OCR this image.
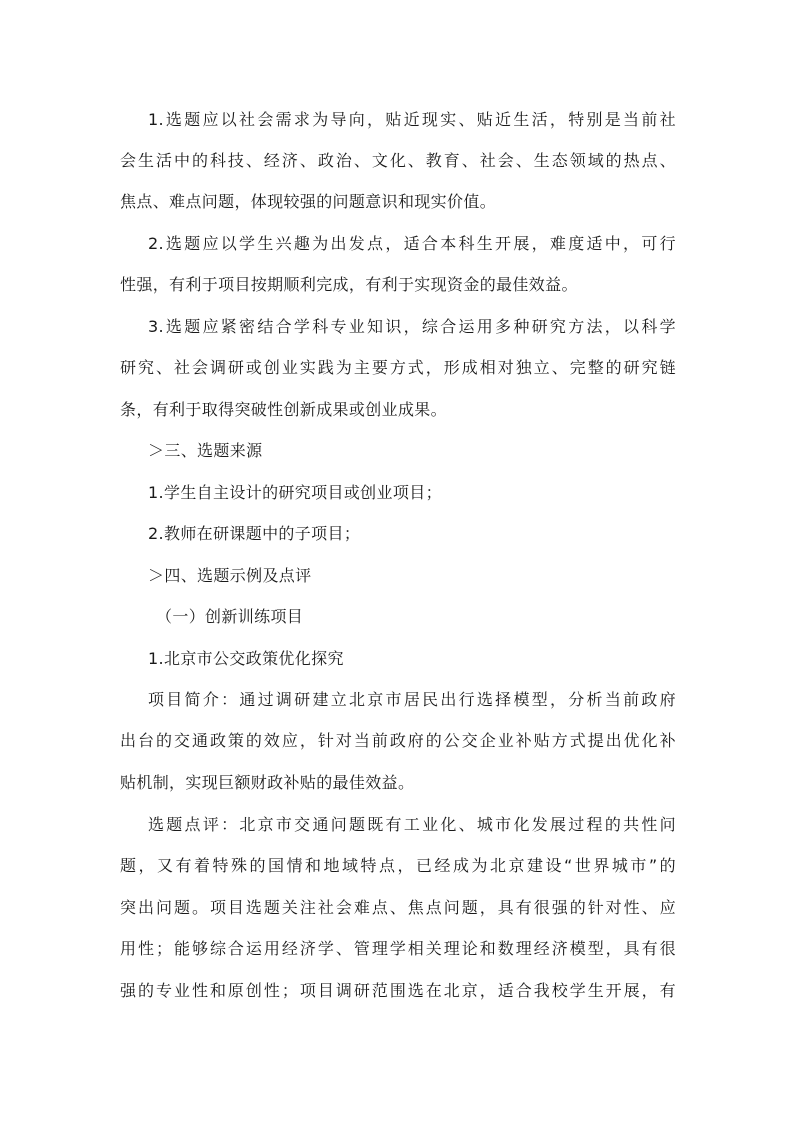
1.选题应以社会需求为导向，贴近现实、贴近生活，特别是当前社
会生活中的科技、经济、政治、文化、教育、社会、生态领域的热点、
焦点、难点问题，体现较强的问题意识和现实价值。
2.选题应以学生兴趣为出发点，适合本科生开展，难度适中，可行
性强，有利于项目按期顺利完成，有利于实现资金的最佳效益。
3.选题应紧密结合学科专业知识，综合运用多种研究方法，以科学
研究、社会调研或创业实践为主要方式，形成相对独立、完整的研究链
条，有利于取得突破性创新成果或创业成果。
＞三、选题来源
1.学生自主设计的研究项目或创业项目；
2.教师在研课题中的子项目；
＞四、选题示例及点评
（一）创新训练项目
1.北京市公交政策优化探究
项目简介：通过调研建立北京市居民出行选择模型，分析当前政府
出台的交通政策的效应，针对当前政府的公交企业补贴方式提出优化补
贴机制，实现巨额财政补贴的最佳效益。
选题点评：北京市交通问题既有工业化、城市化发展过程的共性问
题，又有着特殊的国情和地域特点，已经成为北京建设“世界城市”的
突出问题。项目选题关注社会难点、焦点问题，具有很强的针对性、应
用性；能够综合运用经济学、管理学相关理论和数理经济模型，具有很
强的专业性和原创性；项目调研范围选在北京，适合我校学生开展，有
